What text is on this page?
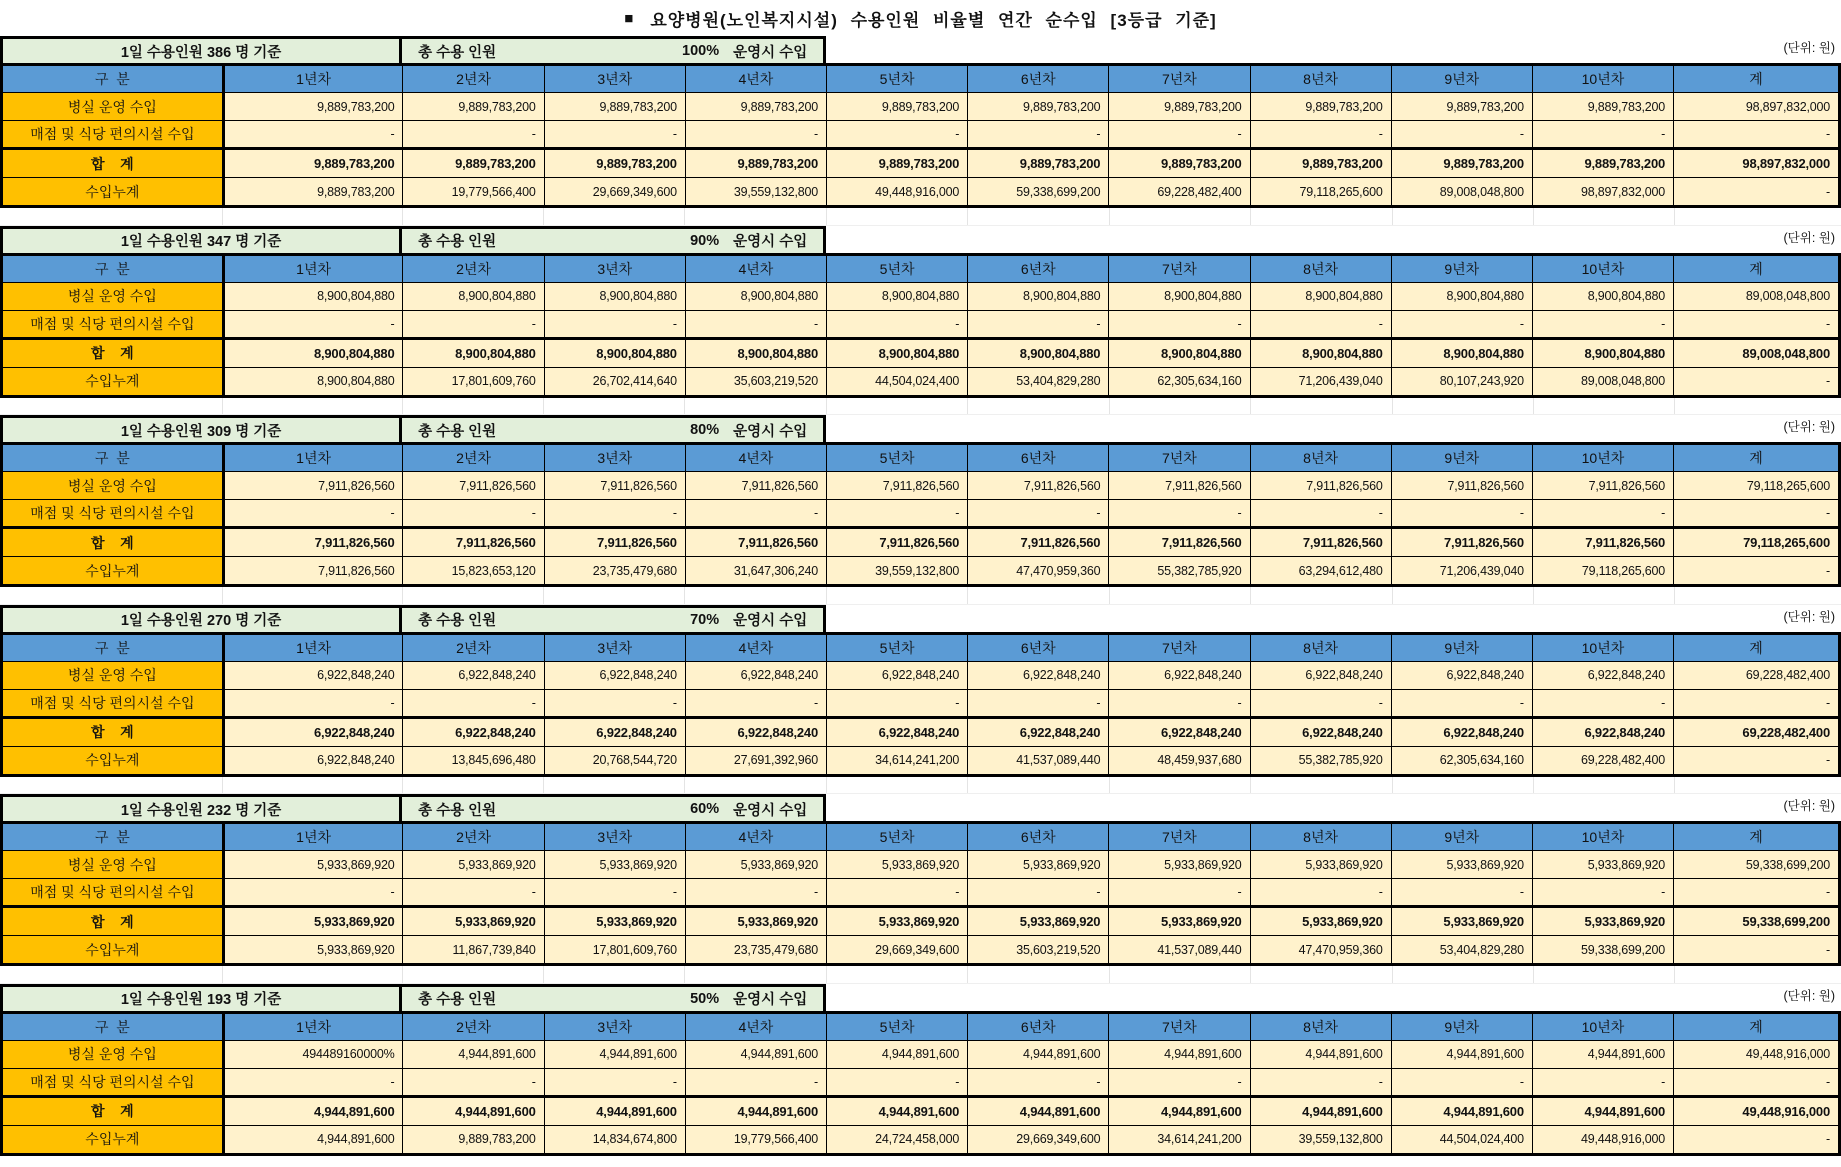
■ 요양병원(노인복지시설) 수용인원 비율별 연간 순수입 [3등급 기준]
1일 수용인원 386 명 기준	총 수용 인원	100% 운영시 수입	(단위: 원)
구  분	1년차	2년차	3년차	4년차	5년차	6년차	7년차	8년차	9년차	10년차	계
병실 운영 수입	9,889,783,200	9,889,783,200	9,889,783,200	9,889,783,200	9,889,783,200	9,889,783,200	9,889,783,200	9,889,783,200	9,889,783,200	9,889,783,200	98,897,832,000
매점 및 식당 편의시설 수입	-	-	-	-	-	-	-	-	-	-	-
합    계	9,889,783,200	9,889,783,200	9,889,783,200	9,889,783,200	9,889,783,200	9,889,783,200	9,889,783,200	9,889,783,200	9,889,783,200	9,889,783,200	98,897,832,000
수입누계	9,889,783,200	19,779,566,400	29,669,349,600	39,559,132,800	49,448,916,000	59,338,699,200	69,228,482,400	79,118,265,600	89,008,048,800	98,897,832,000	-

1일 수용인원 347 명 기준	총 수용 인원	90% 운영시 수입	(단위: 원)
구  분	1년차	2년차	3년차	4년차	5년차	6년차	7년차	8년차	9년차	10년차	계
병실 운영 수입	8,900,804,880	8,900,804,880	8,900,804,880	8,900,804,880	8,900,804,880	8,900,804,880	8,900,804,880	8,900,804,880	8,900,804,880	8,900,804,880	89,008,048,800
매점 및 식당 편의시설 수입	-	-	-	-	-	-	-	-	-	-	-
합    계	8,900,804,880	8,900,804,880	8,900,804,880	8,900,804,880	8,900,804,880	8,900,804,880	8,900,804,880	8,900,804,880	8,900,804,880	8,900,804,880	89,008,048,800
수입누계	8,900,804,880	17,801,609,760	26,702,414,640	35,603,219,520	44,504,024,400	53,404,829,280	62,305,634,160	71,206,439,040	80,107,243,920	89,008,048,800	-

1일 수용인원 309 명 기준	총 수용 인원	80% 운영시 수입	(단위: 원)
구  분	1년차	2년차	3년차	4년차	5년차	6년차	7년차	8년차	9년차	10년차	계
병실 운영 수입	7,911,826,560	7,911,826,560	7,911,826,560	7,911,826,560	7,911,826,560	7,911,826,560	7,911,826,560	7,911,826,560	7,911,826,560	7,911,826,560	79,118,265,600
매점 및 식당 편의시설 수입	-	-	-	-	-	-	-	-	-	-	-
합    계	7,911,826,560	7,911,826,560	7,911,826,560	7,911,826,560	7,911,826,560	7,911,826,560	7,911,826,560	7,911,826,560	7,911,826,560	7,911,826,560	79,118,265,600
수입누계	7,911,826,560	15,823,653,120	23,735,479,680	31,647,306,240	39,559,132,800	47,470,959,360	55,382,785,920	63,294,612,480	71,206,439,040	79,118,265,600	-

1일 수용인원 270 명 기준	총 수용 인원	70% 운영시 수입	(단위: 원)
구  분	1년차	2년차	3년차	4년차	5년차	6년차	7년차	8년차	9년차	10년차	계
병실 운영 수입	6,922,848,240	6,922,848,240	6,922,848,240	6,922,848,240	6,922,848,240	6,922,848,240	6,922,848,240	6,922,848,240	6,922,848,240	6,922,848,240	69,228,482,400
매점 및 식당 편의시설 수입	-	-	-	-	-	-	-	-	-	-	-
합    계	6,922,848,240	6,922,848,240	6,922,848,240	6,922,848,240	6,922,848,240	6,922,848,240	6,922,848,240	6,922,848,240	6,922,848,240	6,922,848,240	69,228,482,400
수입누계	6,922,848,240	13,845,696,480	20,768,544,720	27,691,392,960	34,614,241,200	41,537,089,440	48,459,937,680	55,382,785,920	62,305,634,160	69,228,482,400	-

1일 수용인원 232 명 기준	총 수용 인원	60% 운영시 수입	(단위: 원)
구  분	1년차	2년차	3년차	4년차	5년차	6년차	7년차	8년차	9년차	10년차	계
병실 운영 수입	5,933,869,920	5,933,869,920	5,933,869,920	5,933,869,920	5,933,869,920	5,933,869,920	5,933,869,920	5,933,869,920	5,933,869,920	5,933,869,920	59,338,699,200
매점 및 식당 편의시설 수입	-	-	-	-	-	-	-	-	-	-	-
합    계	5,933,869,920	5,933,869,920	5,933,869,920	5,933,869,920	5,933,869,920	5,933,869,920	5,933,869,920	5,933,869,920	5,933,869,920	5,933,869,920	59,338,699,200
수입누계	5,933,869,920	11,867,739,840	17,801,609,760	23,735,479,680	29,669,349,600	35,603,219,520	41,537,089,440	47,470,959,360	53,404,829,280	59,338,699,200	-

1일 수용인원 193 명 기준	총 수용 인원	50% 운영시 수입	(단위: 원)
구  분	1년차	2년차	3년차	4년차	5년차	6년차	7년차	8년차	9년차	10년차	계
병실 운영 수입	494489160000%	4,944,891,600	4,944,891,600	4,944,891,600	4,944,891,600	4,944,891,600	4,944,891,600	4,944,891,600	4,944,891,600	4,944,891,600	49,448,916,000
매점 및 식당 편의시설 수입	-	-	-	-	-	-	-	-	-	-	-
합    계	4,944,891,600	4,944,891,600	4,944,891,600	4,944,891,600	4,944,891,600	4,944,891,600	4,944,891,600	4,944,891,600	4,944,891,600	4,944,891,600	49,448,916,000
수입누계	4,944,891,600	9,889,783,200	14,834,674,800	19,779,566,400	24,724,458,000	29,669,349,600	34,614,241,200	39,559,132,800	44,504,024,400	49,448,916,000	-
